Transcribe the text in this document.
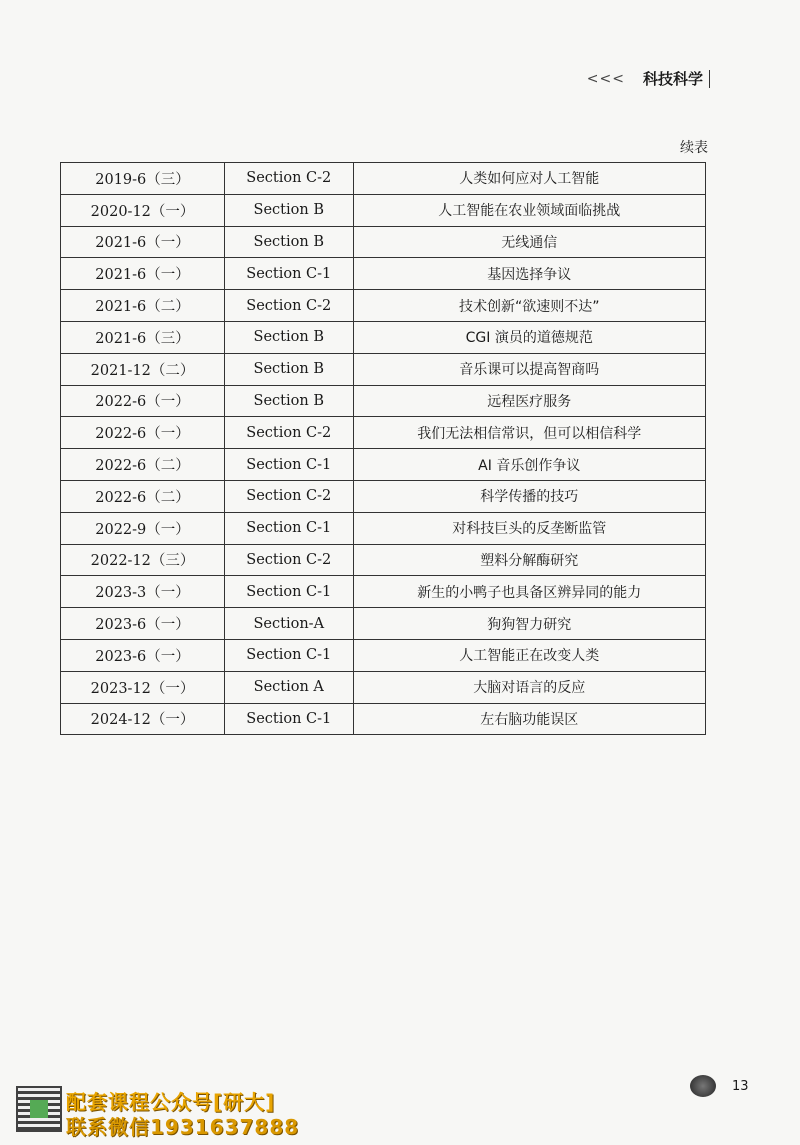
<<< 科技科学
续表
2019-6（三）	Section C-2	人类如何应对人工智能
2020-12（一）	Section B	人工智能在农业领域面临挑战
2021-6（一）	Section B	无线通信
2021-6（一）	Section C-1	基因选择争议
2021-6（二）	Section C-2	技术创新“欲速则不达”
2021-6（三）	Section B	CGI 演员的道德规范
2021-12（二）	Section B	音乐课可以提高智商吗
2022-6（一）	Section B	远程医疗服务
2022-6（一）	Section C-2	我们无法相信常识，但可以相信科学
2022-6（二）	Section C-1	AI 音乐创作争议
2022-6（二）	Section C-2	科学传播的技巧
2022-9（一）	Section C-1	对科技巨头的反垄断监管
2022-12（三）	Section C-2	塑料分解酶研究
2023-3（一）	Section C-1	新生的小鸭子也具备区辨异同的能力
2023-6（一）	Section-A	狗狗智力研究
2023-6（一）	Section C-1	人工智能正在改变人类
2023-12（一）	Section A	大脑对语言的反应
2024-12（一）	Section C-1	左右脑功能误区
13
配套课程公众号[研大]
联系微信1931637888
